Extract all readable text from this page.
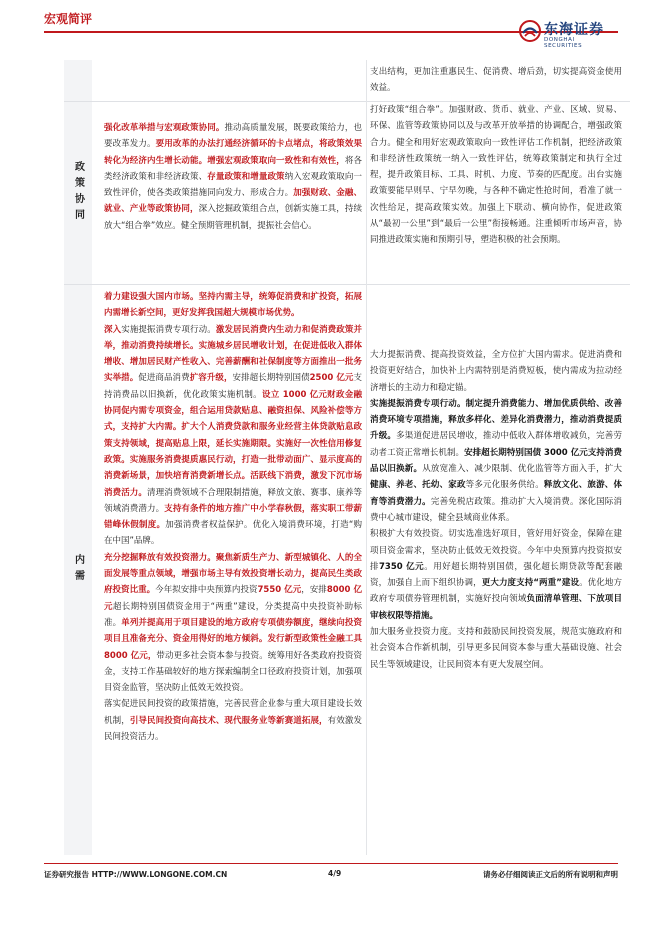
宏观简评
东海证券
DONGHAI SECURITIES
支出结构，更加注重惠民生、促消费、增后劲，切实提高资金使用效益。
政策协同
强化改革举措与宏观政策协同。推动高质量发展，既要政策给力，也要改革发力。要用改革的办法打通经济循环的卡点堵点，将政策效果转化为经济内生增长动能。增强宏观政策取向一致性和有效性，将各类经济政策和非经济政策、存量政策和增量政策纳入宏观政策取向一致性评价，使各类政策措施同向发力、形成合力。加强财政、金融、就业、产业等政策协同，深入挖掘政策组合点，创新实施工具，持续放大“组合拳”效应。健全预期管理机制，提振社会信心。
打好政策“组合拳”。加强财政、货币、就业、产业、区域、贸易、环保、监管等政策协同以及与改革开放举措的协调配合，增强政策合力。健全和用好宏观政策取向一致性评估工作机制，把经济政策和非经济性政策统一纳入一致性评估，统筹政策制定和执行全过程，提升政策目标、工具、时机、力度、节奏的匹配度。出台实施政策要能早则早、宁早勿晚，与各种不确定性抢时间，看准了就一次性给足，提高政策实效。加强上下联动、横向协作，促进政策从“最初一公里”到“最后一公里”衔接畅通。注重倾听市场声音，协同推进政策实施和预期引导，塑造积极的社会预期。
内需
着力建设强大国内市场。坚持内需主导，统筹促消费和扩投资，拓展内需增长新空间，更好发挥我国超大规模市场优势。
深入实施提振消费专项行动。激发居民消费内生动力和促消费政策并举，推动消费持续增长。实施城乡居民增收计划，在促进低收入群体增收、增加居民财产性收入、完善薪酬和社保制度等方面推出一批务实举措。促进商品消费扩容升级，安排超长期特别国债2500 亿元支持消费品以旧换新，优化政策实施机制。设立 1000 亿元财政金融协同促内需专项资金，组合运用贷款贴息、融资担保、风险补偿等方式，支持扩大内需。扩大个人消费贷款和服务业经营主体贷款贴息政策支持领域，提高贴息上限，延长实施期限。实施好一次性信用修复政策。实施服务消费提质惠民行动，打造一批带动面广、显示度高的消费新场景，加快培育消费新增长点。活跃线下消费，激发下沉市场消费活力。清理消费领域不合理限制措施，释放文旅、赛事、康养等领域消费潜力。支持有条件的地方推广中小学春秋假，落实职工带薪错峰休假制度。加强消费者权益保护。优化入境消费环境，打造“购在中国”品牌。
充分挖掘释放有效投资潜力。聚焦新质生产力、新型城镇化、人的全面发展等重点领域，增强市场主导有效投资增长动力，提高民生类政府投资比重。今年拟安排中央预算内投资7550 亿元，安排8000 亿元超长期特别国债资金用于“两重”建设，分类提高中央投资补助标准。单列并提高用于项目建设的地方政府专项债券额度，继续向投资项目且准备充分、资金用得好的地方倾斜。发行新型政策性金融工具 8000 亿元，带动更多社会资本参与投资。统筹用好各类政府投资资金，支持工作基础较好的地方探索编制全口径政府投资计划，加强项目资金监管，坚决防止低效无效投资。
落实促进民间投资的政策措施，完善民营企业参与重大项目建设长效机制，引导民间投资向高技术、现代服务业等新赛道拓展，有效激发民间投资活力。
大力提振消费、提高投资效益，全方位扩大国内需求。促进消费和投资更好结合，加快补上内需特别是消费短板，使内需成为拉动经济增长的主动力和稳定锚。
实施提振消费专项行动。制定提升消费能力、增加优质供给、改善消费环境专项措施，释放多样化、差异化消费潜力，推动消费提质升级。多渠道促进居民增收，推动中低收入群体增收减负，完善劳动者工资正常增长机制。安排超长期特别国债 3000 亿元支持消费品以旧换新。从放宽准入、减少限制、优化监管等方面入手，扩大健康、养老、托幼、家政等多元化服务供给。释放文化、旅游、体育等消费潜力。完善免税店政策。推动扩大入境消费。深化国际消费中心城市建设，健全县域商业体系。
积极扩大有效投资。切实选准选好项目，管好用好资金，保障在建项目资金需求，坚决防止低效无效投资。今年中央预算内投资拟安排7350 亿元。用好超长期特别国债，强化超长期贷款等配套融资，加强自上而下组织协调，更大力度支持“两重”建设。优化地方政府专项债券管理机制，实施好投向领域负面清单管理、下放项目审核权限等措施。
加大服务业投资力度。支持和鼓励民间投资发展，规范实施政府和社会资本合作新机制，引导更多民间资本参与重大基础设施、社会民生等领域建设，让民间资本有更大发展空间。
证券研究报告 HTTP://WWW.LONGONE.COM.CN	4/9	请务必仔细阅读正文后的所有说明和声明
